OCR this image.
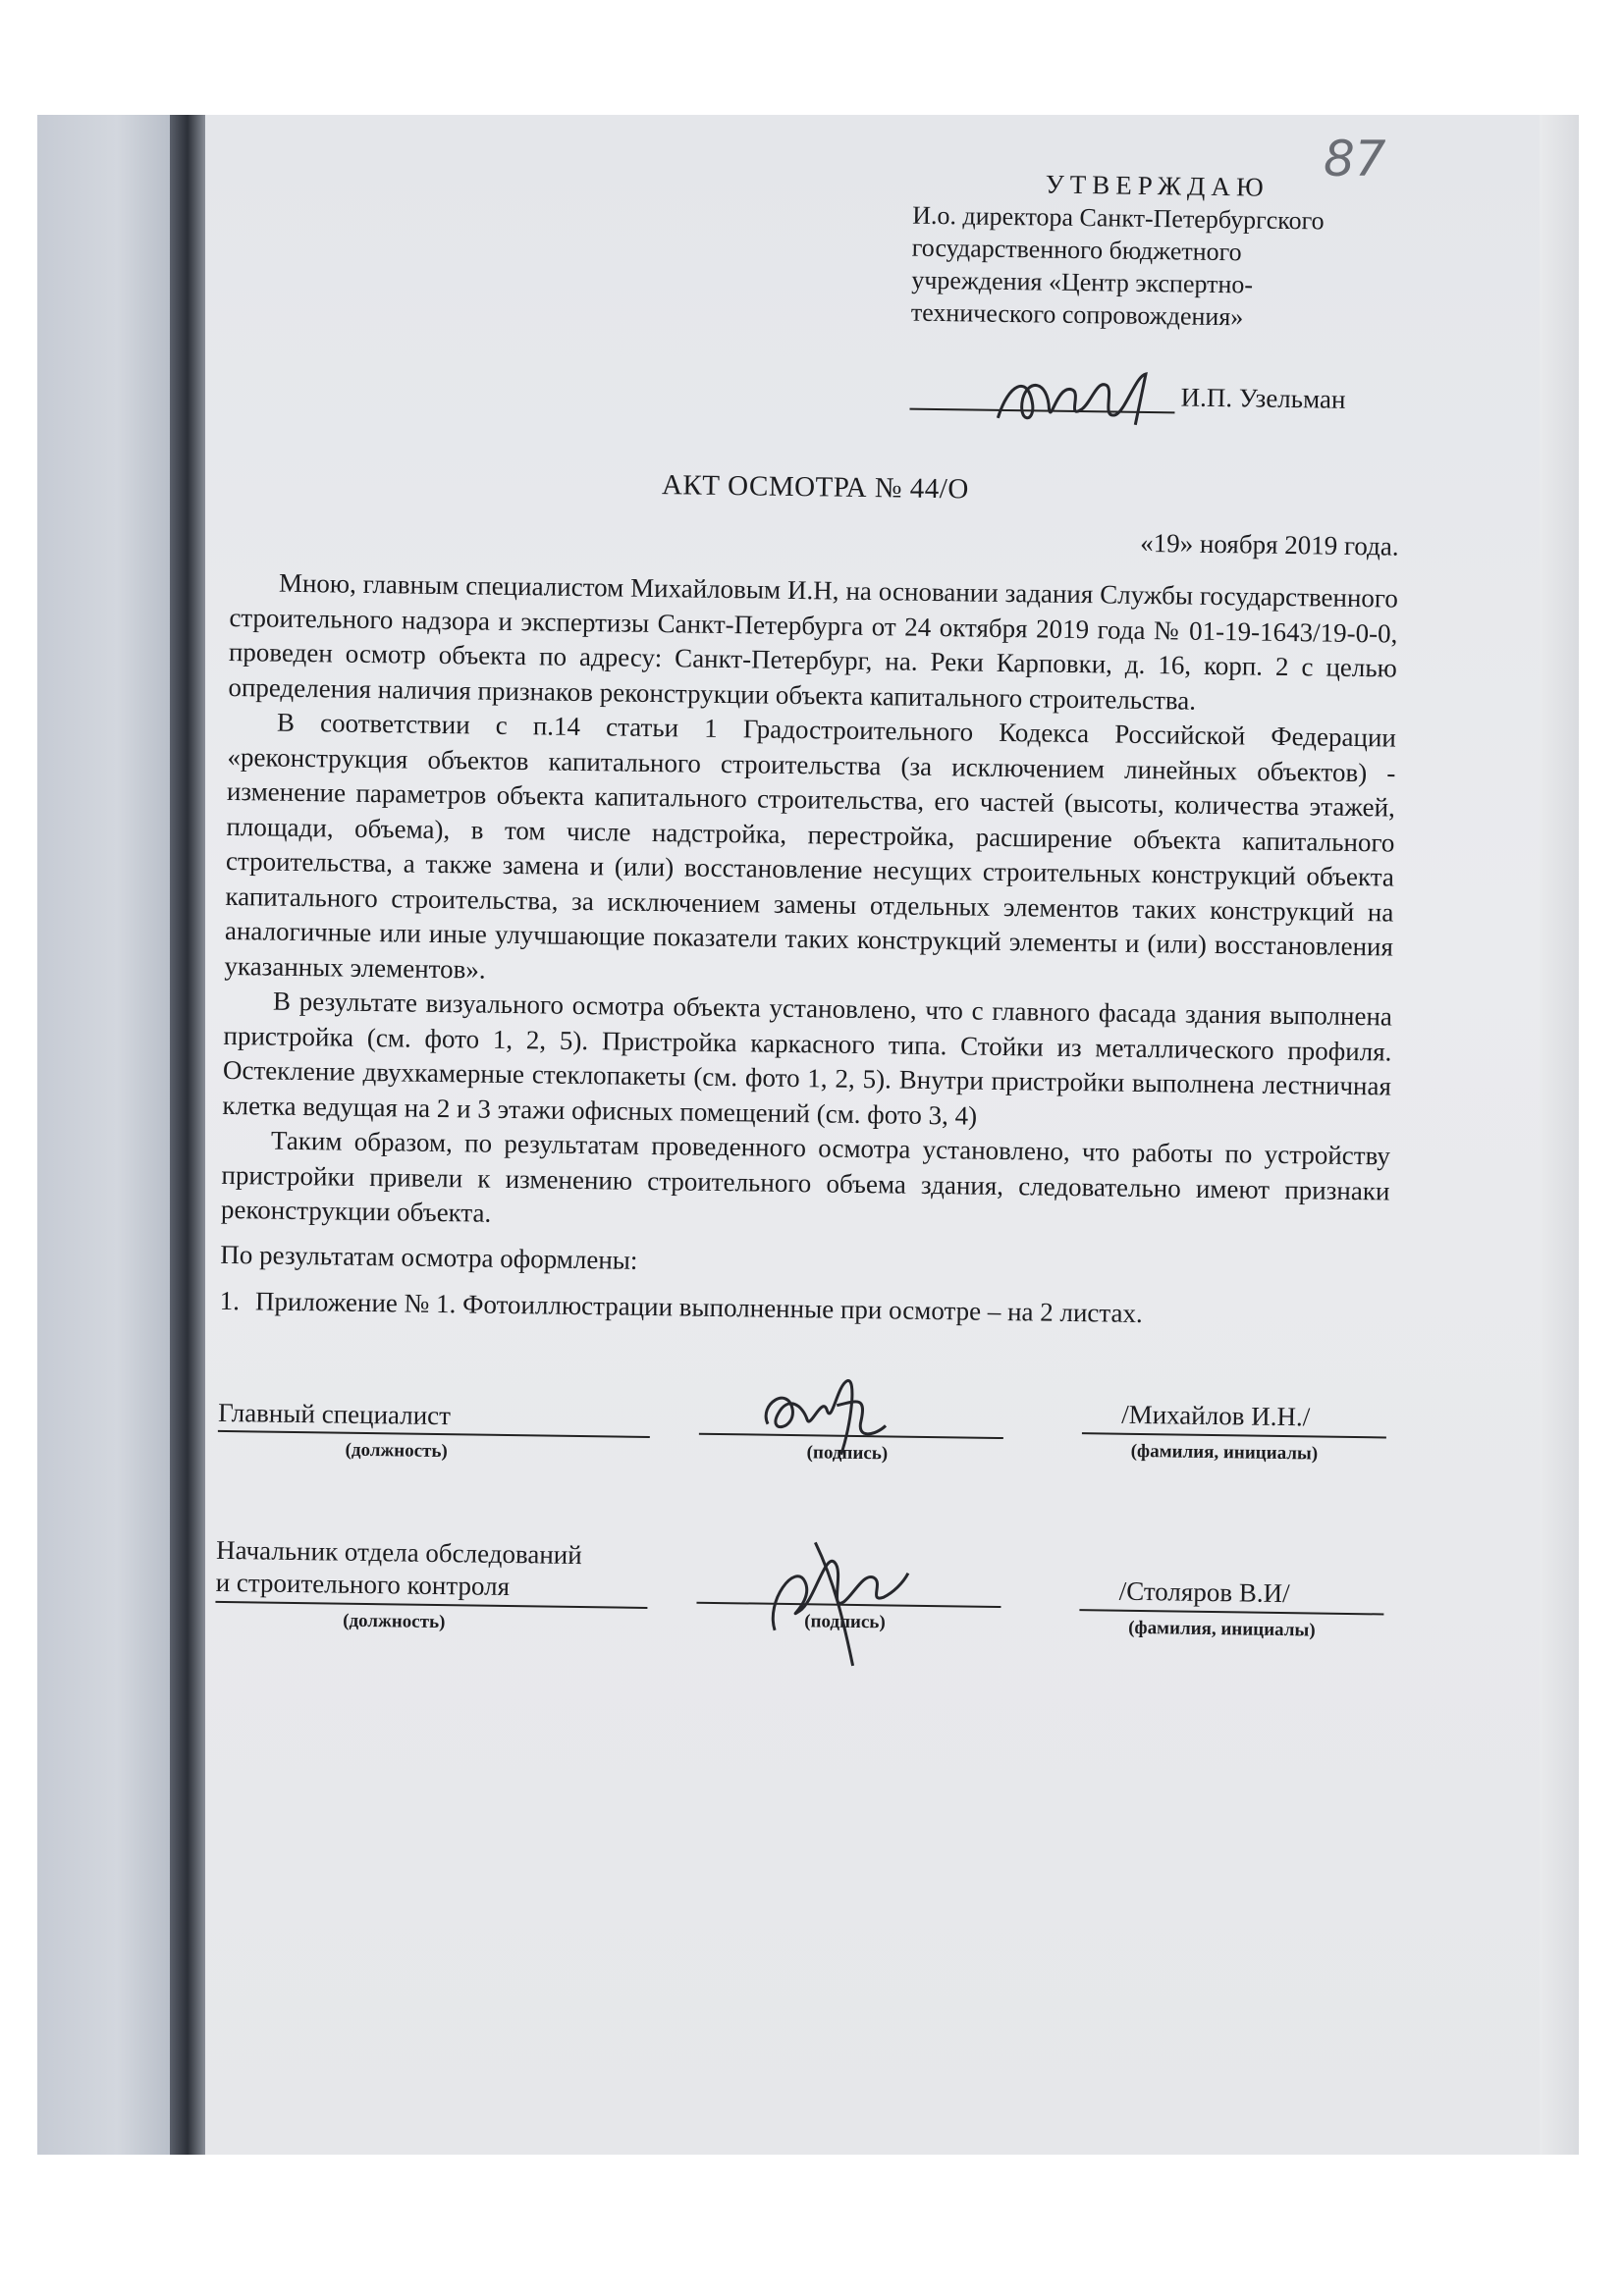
87
УТВЕРЖДАЮ
И.о. директора Санкт-Петербургского
государственного бюджетного
учреждения «Центр экспертно-
технического сопровождения»
И.П. Узельман
АКТ ОСМОТРА № 44/О
«19» ноября 2019 года.

Мною, главным специалистом Михайловым И.Н, на основании задания Службы государственного строительного надзора и экспертизы Санкт-Петербурга от 24 октября 2019 года № 01-19-1643/19-0-0, проведен осмотр объекта по адресу: Санкт-Петербург, на. Реки Карповки, д. 16, корп. 2 с целью определения наличия признаков реконструкции объекта капитального строительства.

В соответствии с п.14 статьи 1 Градостроительного Кодекса Российской Федерации «реконструкция объектов капитального строительства (за исключением линейных объектов) - изменение параметров объекта капитального строительства, его частей (высоты, количества этажей, площади, объема), в том числе надстройка, перестройка, расширение объекта капитального строительства, а также замена и (или) восстановление несущих строительных конструкций объекта капитального строительства, за исключением замены отдельных элементов таких конструкций на аналогичные или иные улучшающие показатели таких конструкций элементы и (или) восстановления указанных элементов».

В результате визуального осмотра объекта установлено, что с главного фасада здания выполнена пристройка (см. фото 1, 2, 5). Пристройка каркасного типа. Стойки из металлического профиля. Остекление двухкамерные стеклопакеты (см. фото 1, 2, 5). Внутри пристройки выполнена лестничная клетка ведущая на 2 и 3 этажи офисных помещений (см. фото 3, 4)

Таким образом, по результатам проведенного осмотра установлено, что работы по устройству пристройки привели к изменению строительного объема здания, следовательно имеют признаки реконструкции объекта.

По результатам осмотра оформлены:

1. Приложение № 1. Фотоиллюстрации выполненные при осмотре – на 2 листах.
Главный специалист
(должность)	(подпись)
/Михайлов И.Н./
(фамилия, инициалы)
Начальник отдела обследований
и строительного контроля
(должность)	(подпись)
/Столяров В.И/
(фамилия, инициалы)
